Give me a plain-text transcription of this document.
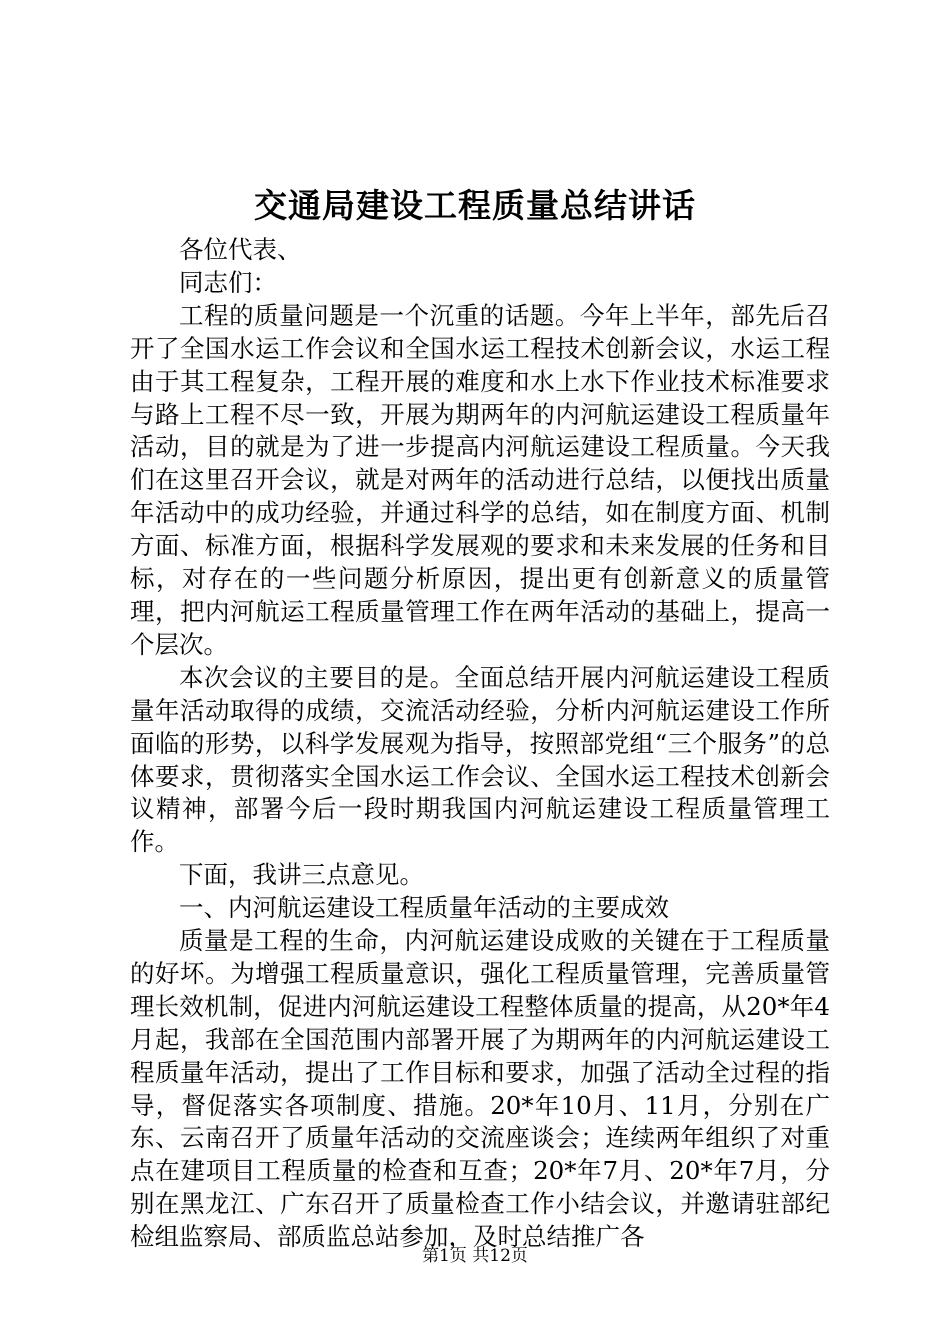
交通局建设工程质量总结讲话

各位代表、

同志们：

工程的质量问题是一个沉重的话题。今年上半年，部先后召开了全国水运工作会议和全国水运工程技术创新会议，水运工程由于其工程复杂，工程开展的难度和水上水下作业技术标准要求与路上工程不尽一致，开展为期两年的内河航运建设工程质量年活动，目的就是为了进一步提高内河航运建设工程质量。今天我们在这里召开会议，就是对两年的活动进行总结，以便找出质量年活动中的成功经验，并通过科学的总结，如在制度方面、机制方面、标准方面，根据科学发展观的要求和未来发展的任务和目标，对存在的一些问题分析原因，提出更有创新意义的质量管理，把内河航运工程质量管理工作在两年活动的基础上，提高一个层次。

本次会议的主要目的是。全面总结开展内河航运建设工程质量年活动取得的成绩，交流活动经验，分析内河航运建设工作所面临的形势，以科学发展观为指导，按照部党组“三个服务”的总体要求，贯彻落实全国水运工作会议、全国水运工程技术创新会议精神，部署今后一段时期我国内河航运建设工程质量管理工作。

下面，我讲三点意见。

一、内河航运建设工程质量年活动的主要成效

质量是工程的生命，内河航运建设成败的关键在于工程质量的好坏。为增强工程质量意识，强化工程质量管理，完善质量管理长效机制，促进内河航运建设工程整体质量的提高，从20*年4月起，我部在全国范围内部署开展了为期两年的内河航运建设工程质量年活动，提出了工作目标和要求，加强了活动全过程的指导，督促落实各项制度、措施。20*年10月、11月，分别在广东、云南召开了质量年活动的交流座谈会；连续两年组织了对重点在建项目工程质量的检查和互查；20*年7月、20*年7月，分别在黑龙江、广东召开了质量检查工作小结会议，并邀请驻部纪检组监察局、部质监总站参加，及时总结推广各

第1页 共12页
